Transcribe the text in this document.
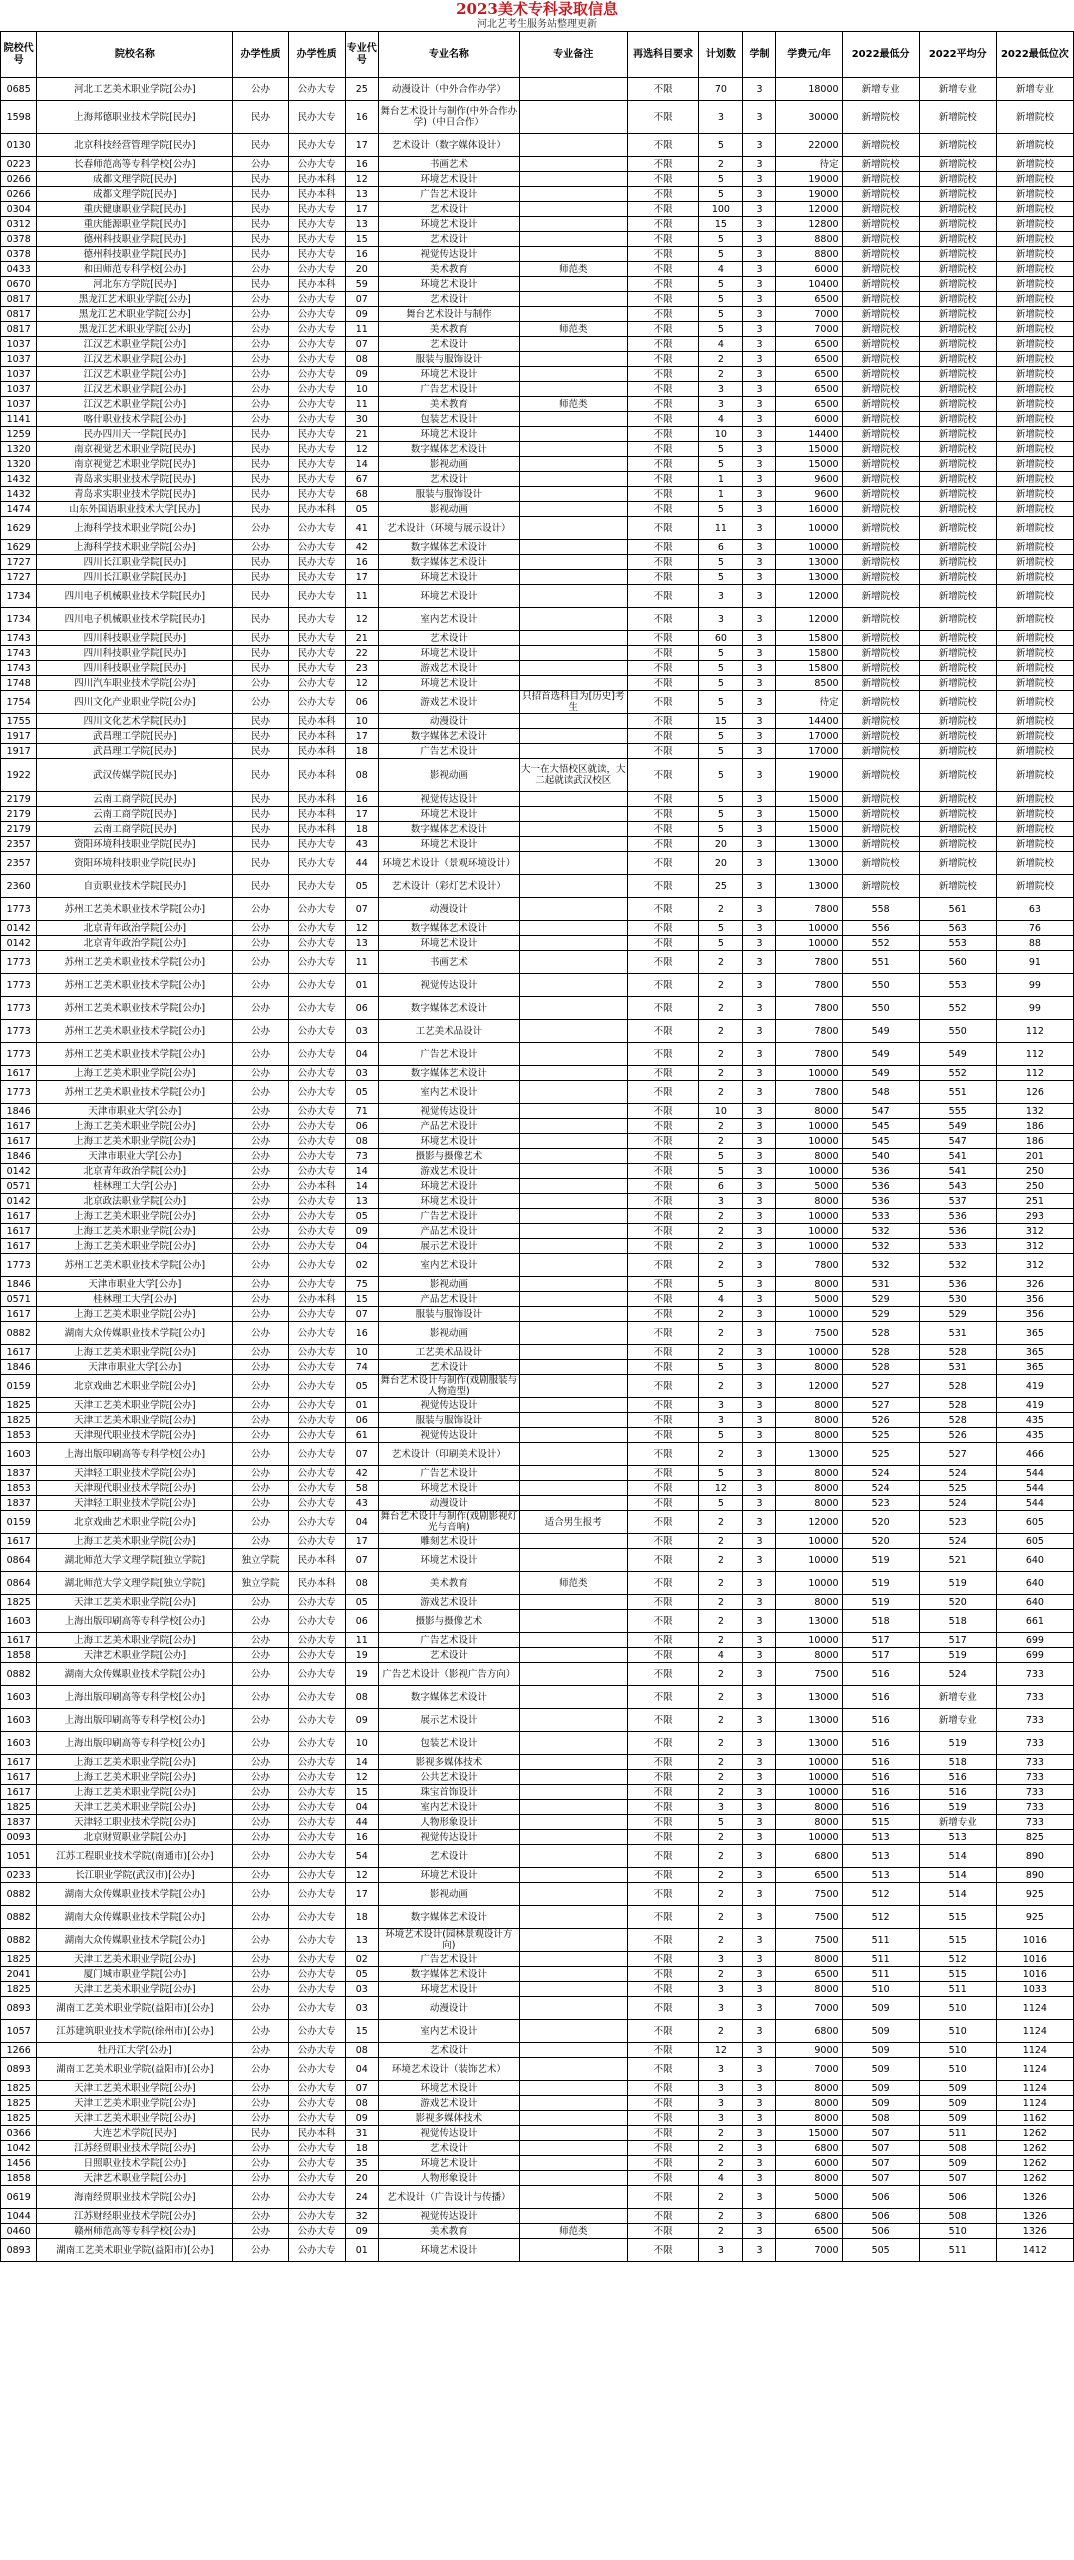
2023美术专科录取信息
河北艺考生服务站整理更新
院校代号	院校名称	办学性质	办学性质	专业代号	专业名称	专业备注	再选科目要求	计划数	学制	学费元/年	2022最低分	2022平均分	2022最低位次
0685	河北工艺美术职业学院[公办]	公办	公办大专	25	动漫设计（中外合作办学）		不限	70	3	18000	新增专业	新增专业	新增专业
1598	上海邦德职业技术学院[民办]	民办	民办大专	16	舞台艺术设计与制作(中外合作办学)（中日合作）		不限	3	3	30000	新增院校	新增院校	新增院校
0130	北京科技经营管理学院[民办]	民办	民办大专	17	艺术设计（数字媒体设计）		不限	5	3	22000	新增院校	新增院校	新增院校
0223	长春师范高等专科学校[公办]	公办	公办大专	16	书画艺术		不限	2	3	待定	新增院校	新增院校	新增院校
0266	成都文理学院[民办]	民办	民办本科	12	环境艺术设计		不限	5	3	19000	新增院校	新增院校	新增院校
0266	成都文理学院[民办]	民办	民办本科	13	广告艺术设计		不限	5	3	19000	新增院校	新增院校	新增院校
0304	重庆健康职业学院[民办]	民办	民办大专	17	艺术设计		不限	100	3	12000	新增院校	新增院校	新增院校
0312	重庆能源职业学院[民办]	民办	民办大专	13	环境艺术设计		不限	15	3	12800	新增院校	新增院校	新增院校
0378	德州科技职业学院[民办]	民办	民办大专	15	艺术设计		不限	5	3	8800	新增院校	新增院校	新增院校
0378	德州科技职业学院[民办]	民办	民办大专	16	视觉传达设计		不限	5	3	8800	新增院校	新增院校	新增院校
0433	和田师范专科学校[公办]	公办	公办大专	20	美术教育	师范类	不限	4	3	6000	新增院校	新增院校	新增院校
0670	河北东方学院[民办]	民办	民办本科	59	环境艺术设计		不限	5	3	10400	新增院校	新增院校	新增院校
0817	黑龙江艺术职业学院[公办]	公办	公办大专	07	艺术设计		不限	5	3	6500	新增院校	新增院校	新增院校
0817	黑龙江艺术职业学院[公办]	公办	公办大专	09	舞台艺术设计与制作		不限	5	3	7000	新增院校	新增院校	新增院校
0817	黑龙江艺术职业学院[公办]	公办	公办大专	11	美术教育	师范类	不限	5	3	7000	新增院校	新增院校	新增院校
1037	江汉艺术职业学院[公办]	公办	公办大专	07	艺术设计		不限	4	3	6500	新增院校	新增院校	新增院校
1037	江汉艺术职业学院[公办]	公办	公办大专	08	服装与服饰设计		不限	2	3	6500	新增院校	新增院校	新增院校
1037	江汉艺术职业学院[公办]	公办	公办大专	09	环境艺术设计		不限	2	3	6500	新增院校	新增院校	新增院校
1037	江汉艺术职业学院[公办]	公办	公办大专	10	广告艺术设计		不限	3	3	6500	新增院校	新增院校	新增院校
1037	江汉艺术职业学院[公办]	公办	公办大专	11	美术教育	师范类	不限	3	3	6500	新增院校	新增院校	新增院校
1141	喀什职业技术学院[公办]	公办	公办大专	30	包装艺术设计		不限	4	3	6000	新增院校	新增院校	新增院校
1259	民办四川天一学院[民办]	民办	民办大专	21	环境艺术设计		不限	10	3	14400	新增院校	新增院校	新增院校
1320	南京视觉艺术职业学院[民办]	民办	民办大专	12	数字媒体艺术设计		不限	5	3	15000	新增院校	新增院校	新增院校
1320	南京视觉艺术职业学院[民办]	民办	民办大专	14	影视动画		不限	5	3	15000	新增院校	新增院校	新增院校
1432	青岛求实职业技术学院[民办]	民办	民办大专	67	艺术设计		不限	1	3	9600	新增院校	新增院校	新增院校
1432	青岛求实职业技术学院[民办]	民办	民办大专	68	服装与服饰设计		不限	1	3	9600	新增院校	新增院校	新增院校
1474	山东外国语职业技术大学[民办]	民办	民办本科	05	影视动画		不限	5	3	16000	新增院校	新增院校	新增院校
1629	上海科学技术职业学院[公办]	公办	公办大专	41	艺术设计（环境与展示设计）		不限	11	3	10000	新增院校	新增院校	新增院校
1629	上海科学技术职业学院[公办]	公办	公办大专	42	数字媒体艺术设计		不限	6	3	10000	新增院校	新增院校	新增院校
1727	四川长江职业学院[民办]	民办	民办大专	16	数字媒体艺术设计		不限	5	3	13000	新增院校	新增院校	新增院校
1727	四川长江职业学院[民办]	民办	民办大专	17	环境艺术设计		不限	5	3	13000	新增院校	新增院校	新增院校
1734	四川电子机械职业技术学院[民办]	民办	民办大专	11	环境艺术设计		不限	3	3	12000	新增院校	新增院校	新增院校
1734	四川电子机械职业技术学院[民办]	民办	民办大专	12	室内艺术设计		不限	3	3	12000	新增院校	新增院校	新增院校
1743	四川科技职业学院[民办]	民办	民办大专	21	艺术设计		不限	60	3	15800	新增院校	新增院校	新增院校
1743	四川科技职业学院[民办]	民办	民办大专	22	环境艺术设计		不限	5	3	15800	新增院校	新增院校	新增院校
1743	四川科技职业学院[民办]	民办	民办大专	23	游戏艺术设计		不限	5	3	15800	新增院校	新增院校	新增院校
1748	四川汽车职业技术学院[公办]	公办	公办大专	12	环境艺术设计		不限	5	3	8500	新增院校	新增院校	新增院校
1754	四川文化产业职业学院[公办]	公办	公办大专	06	游戏艺术设计	只招首选科目为[历史]考生	不限	5	3	待定	新增院校	新增院校	新增院校
1755	四川文化艺术学院[民办]	民办	民办本科	10	动漫设计		不限	15	3	14400	新增院校	新增院校	新增院校
1917	武昌理工学院[民办]	民办	民办本科	17	数字媒体艺术设计		不限	5	3	17000	新增院校	新增院校	新增院校
1917	武昌理工学院[民办]	民办	民办本科	18	广告艺术设计		不限	5	3	17000	新增院校	新增院校	新增院校
1922	武汉传媒学院[民办]	民办	民办本科	08	影视动画	大一在大悟校区就读，大二起就读武汉校区	不限	5	3	19000	新增院校	新增院校	新增院校
2179	云南工商学院[民办]	民办	民办本科	16	视觉传达设计		不限	5	3	15000	新增院校	新增院校	新增院校
2179	云南工商学院[民办]	民办	民办本科	17	环境艺术设计		不限	5	3	15000	新增院校	新增院校	新增院校
2179	云南工商学院[民办]	民办	民办本科	18	数字媒体艺术设计		不限	5	3	15000	新增院校	新增院校	新增院校
2357	资阳环境科技职业学院[民办]	民办	民办大专	43	环境艺术设计		不限	20	3	13000	新增院校	新增院校	新增院校
2357	资阳环境科技职业学院[民办]	民办	民办大专	44	环境艺术设计（景观环境设计）		不限	20	3	13000	新增院校	新增院校	新增院校
2360	自贡职业技术学院[民办]	民办	民办大专	05	艺术设计（彩灯艺术设计）		不限	25	3	13000	新增院校	新增院校	新增院校
1773	苏州工艺美术职业技术学院[公办]	公办	公办大专	07	动漫设计		不限	2	3	7800	558	561	63
0142	北京青年政治学院[公办]	公办	公办大专	12	数字媒体艺术设计		不限	5	3	10000	556	563	76
0142	北京青年政治学院[公办]	公办	公办大专	13	环境艺术设计		不限	5	3	10000	552	553	88
1773	苏州工艺美术职业技术学院[公办]	公办	公办大专	11	书画艺术		不限	2	3	7800	551	560	91
1773	苏州工艺美术职业技术学院[公办]	公办	公办大专	01	视觉传达设计		不限	2	3	7800	550	553	99
1773	苏州工艺美术职业技术学院[公办]	公办	公办大专	06	数字媒体艺术设计		不限	2	3	7800	550	552	99
1773	苏州工艺美术职业技术学院[公办]	公办	公办大专	03	工艺美术品设计		不限	2	3	7800	549	550	112
1773	苏州工艺美术职业技术学院[公办]	公办	公办大专	04	广告艺术设计		不限	2	3	7800	549	549	112
1617	上海工艺美术职业学院[公办]	公办	公办大专	03	数字媒体艺术设计		不限	2	3	10000	549	552	112
1773	苏州工艺美术职业技术学院[公办]	公办	公办大专	05	室内艺术设计		不限	2	3	7800	548	551	126
1846	天津市职业大学[公办]	公办	公办大专	71	视觉传达设计		不限	10	3	8000	547	555	132
1617	上海工艺美术职业学院[公办]	公办	公办大专	06	产品艺术设计		不限	2	3	10000	545	549	186
1617	上海工艺美术职业学院[公办]	公办	公办大专	08	环境艺术设计		不限	2	3	10000	545	547	186
1846	天津市职业大学[公办]	公办	公办大专	73	摄影与摄像艺术		不限	5	3	8000	540	541	201
0142	北京青年政治学院[公办]	公办	公办大专	14	游戏艺术设计		不限	5	3	10000	536	541	250
0571	桂林理工大学[公办]	公办	公办本科	14	环境艺术设计		不限	6	3	5000	536	543	250
0142	北京政法职业学院[公办]	公办	公办大专	13	环境艺术设计		不限	3	3	8000	536	537	251
1617	上海工艺美术职业学院[公办]	公办	公办大专	05	广告艺术设计		不限	2	3	10000	533	536	293
1617	上海工艺美术职业学院[公办]	公办	公办大专	09	产品艺术设计		不限	2	3	10000	532	536	312
1617	上海工艺美术职业学院[公办]	公办	公办大专	04	展示艺术设计		不限	2	3	10000	532	533	312
1773	苏州工艺美术职业技术学院[公办]	公办	公办大专	02	室内艺术设计		不限	2	3	7800	532	532	312
1846	天津市职业大学[公办]	公办	公办大专	75	影视动画		不限	5	3	8000	531	536	326
0571	桂林理工大学[公办]	公办	公办本科	15	产品艺术设计		不限	4	3	5000	529	530	356
1617	上海工艺美术职业学院[公办]	公办	公办大专	07	服装与服饰设计		不限	2	3	10000	529	529	356
0882	湖南大众传媒职业技术学院[公办]	公办	公办大专	16	影视动画		不限	2	3	7500	528	531	365
1617	上海工艺美术职业学院[公办]	公办	公办大专	10	工艺美术品设计		不限	2	3	10000	528	528	365
1846	天津市职业大学[公办]	公办	公办大专	74	艺术设计		不限	5	3	8000	528	531	365
0159	北京戏曲艺术职业学院[公办]	公办	公办大专	05	舞台艺术设计与制作(戏剧服装与人物造型)		不限	2	3	12000	527	528	419
1825	天津工艺美术职业学院[公办]	公办	公办大专	01	视觉传达设计		不限	3	3	8000	527	528	419
1825	天津工艺美术职业学院[公办]	公办	公办大专	06	服装与服饰设计		不限	3	3	8000	526	528	435
1853	天津现代职业技术学院[公办]	公办	公办大专	61	视觉传达设计		不限	5	3	8000	525	526	435
1603	上海出版印刷高等专科学校[公办]	公办	公办大专	07	艺术设计（印刷美术设计）		不限	2	3	13000	525	527	466
1837	天津轻工职业技术学院[公办]	公办	公办大专	42	广告艺术设计		不限	5	3	8000	524	524	544
1853	天津现代职业技术学院[公办]	公办	公办大专	58	环境艺术设计		不限	12	3	8000	524	525	544
1837	天津轻工职业技术学院[公办]	公办	公办大专	43	动漫设计		不限	5	3	8000	523	524	544
0159	北京戏曲艺术职业学院[公办]	公办	公办大专	04	舞台艺术设计与制作(戏剧影视灯光与音响)	适合男生报考	不限	2	3	12000	520	523	605
1617	上海工艺美术职业学院[公办]	公办	公办大专	17	雕刻艺术设计		不限	2	3	10000	520	524	605
0864	湖北师范大学文理学院[独立学院]	独立学院	民办本科	07	环境艺术设计		不限	2	3	10000	519	521	640
0864	湖北师范大学文理学院[独立学院]	独立学院	民办本科	08	美术教育	师范类	不限	2	3	10000	519	519	640
1825	天津工艺美术职业学院[公办]	公办	公办大专	05	游戏艺术设计		不限	2	3	8000	519	520	640
1603	上海出版印刷高等专科学校[公办]	公办	公办大专	06	摄影与摄像艺术		不限	2	3	13000	518	518	661
1617	上海工艺美术职业学院[公办]	公办	公办大专	11	广告艺术设计		不限	2	3	10000	517	517	699
1858	天津艺术职业学院[公办]	公办	公办大专	19	艺术设计		不限	4	3	8000	517	519	699
0882	湖南大众传媒职业技术学院[公办]	公办	公办大专	19	广告艺术设计（影视广告方向）		不限	2	3	7500	516	524	733
1603	上海出版印刷高等专科学校[公办]	公办	公办大专	08	数字媒体艺术设计		不限	2	3	13000	516	新增专业	733
1603	上海出版印刷高等专科学校[公办]	公办	公办大专	09	展示艺术设计		不限	2	3	13000	516	新增专业	733
1603	上海出版印刷高等专科学校[公办]	公办	公办大专	10	包装艺术设计		不限	2	3	13000	516	519	733
1617	上海工艺美术职业学院[公办]	公办	公办大专	14	影视多媒体技术		不限	2	3	10000	516	518	733
1617	上海工艺美术职业学院[公办]	公办	公办大专	12	公共艺术设计		不限	2	3	10000	516	516	733
1617	上海工艺美术职业学院[公办]	公办	公办大专	15	珠宝首饰设计		不限	2	3	10000	516	516	733
1825	天津工艺美术职业学院[公办]	公办	公办大专	04	室内艺术设计		不限	3	3	8000	516	519	733
1837	天津轻工职业技术学院[公办]	公办	公办大专	44	人物形象设计		不限	5	3	8000	515	新增专业	733
0093	北京财贸职业学院[公办]	公办	公办大专	16	视觉传达设计		不限	2	3	10000	513	513	825
1051	江苏工程职业技术学院(南通市)[公办]	公办	公办大专	54	艺术设计		不限	2	3	6800	513	514	890
0233	长江职业学院(武汉市)[公办]	公办	公办大专	12	环境艺术设计		不限	2	3	6500	513	514	890
0882	湖南大众传媒职业技术学院[公办]	公办	公办大专	17	影视动画		不限	2	3	7500	512	514	925
0882	湖南大众传媒职业技术学院[公办]	公办	公办大专	18	数字媒体艺术设计		不限	2	3	7500	512	515	925
0882	湖南大众传媒职业技术学院[公办]	公办	公办大专	13	环境艺术设计(园林景观设计方向)		不限	2	3	7500	511	515	1016
1825	天津工艺美术职业学院[公办]	公办	公办大专	02	广告艺术设计		不限	3	3	8000	511	512	1016
2041	厦门城市职业学院[公办]	公办	公办大专	05	数字媒体艺术设计		不限	2	3	6500	511	515	1016
1825	天津工艺美术职业学院[公办]	公办	公办大专	03	环境艺术设计		不限	3	3	8000	510	511	1033
0893	湖南工艺美术职业学院(益阳市)[公办]	公办	公办大专	03	动漫设计		不限	3	3	7000	509	510	1124
1057	江苏建筑职业技术学院(徐州市)[公办]	公办	公办大专	15	室内艺术设计		不限	2	3	6800	509	510	1124
1266	牡丹江大学[公办]	公办	公办大专	08	艺术设计		不限	12	3	9000	509	510	1124
0893	湖南工艺美术职业学院(益阳市)[公办]	公办	公办大专	04	环境艺术设计（装饰艺术）		不限	3	3	7000	509	510	1124
1825	天津工艺美术职业学院[公办]	公办	公办大专	07	环境艺术设计		不限	3	3	8000	509	509	1124
1825	天津工艺美术职业学院[公办]	公办	公办大专	08	游戏艺术设计		不限	3	3	8000	509	509	1124
1825	天津工艺美术职业学院[公办]	公办	公办大专	09	影视多媒体技术		不限	3	3	8000	508	509	1162
0366	大连艺术学院[民办]	民办	民办本科	31	视觉传达设计		不限	2	3	15000	507	511	1262
1042	江苏经贸职业技术学院[公办]	公办	公办大专	18	艺术设计		不限	2	3	6800	507	508	1262
1456	日照职业技术学院[公办]	公办	公办大专	35	环境艺术设计		不限	2	3	6000	507	509	1262
1858	天津艺术职业学院[公办]	公办	公办大专	20	人物形象设计		不限	4	3	8000	507	507	1262
0619	海南经贸职业技术学院[公办]	公办	公办大专	24	艺术设计（广告设计与传播）		不限	2	3	5000	506	506	1326
1044	江苏财经职业技术学院[公办]	公办	公办大专	32	视觉传达设计		不限	2	3	6800	506	508	1326
0460	赣州师范高等专科学校[公办]	公办	公办大专	09	美术教育	师范类	不限	2	3	6500	506	510	1326
0893	湖南工艺美术职业学院(益阳市)[公办]	公办	公办大专	01	环境艺术设计		不限	3	3	7000	505	511	1412
